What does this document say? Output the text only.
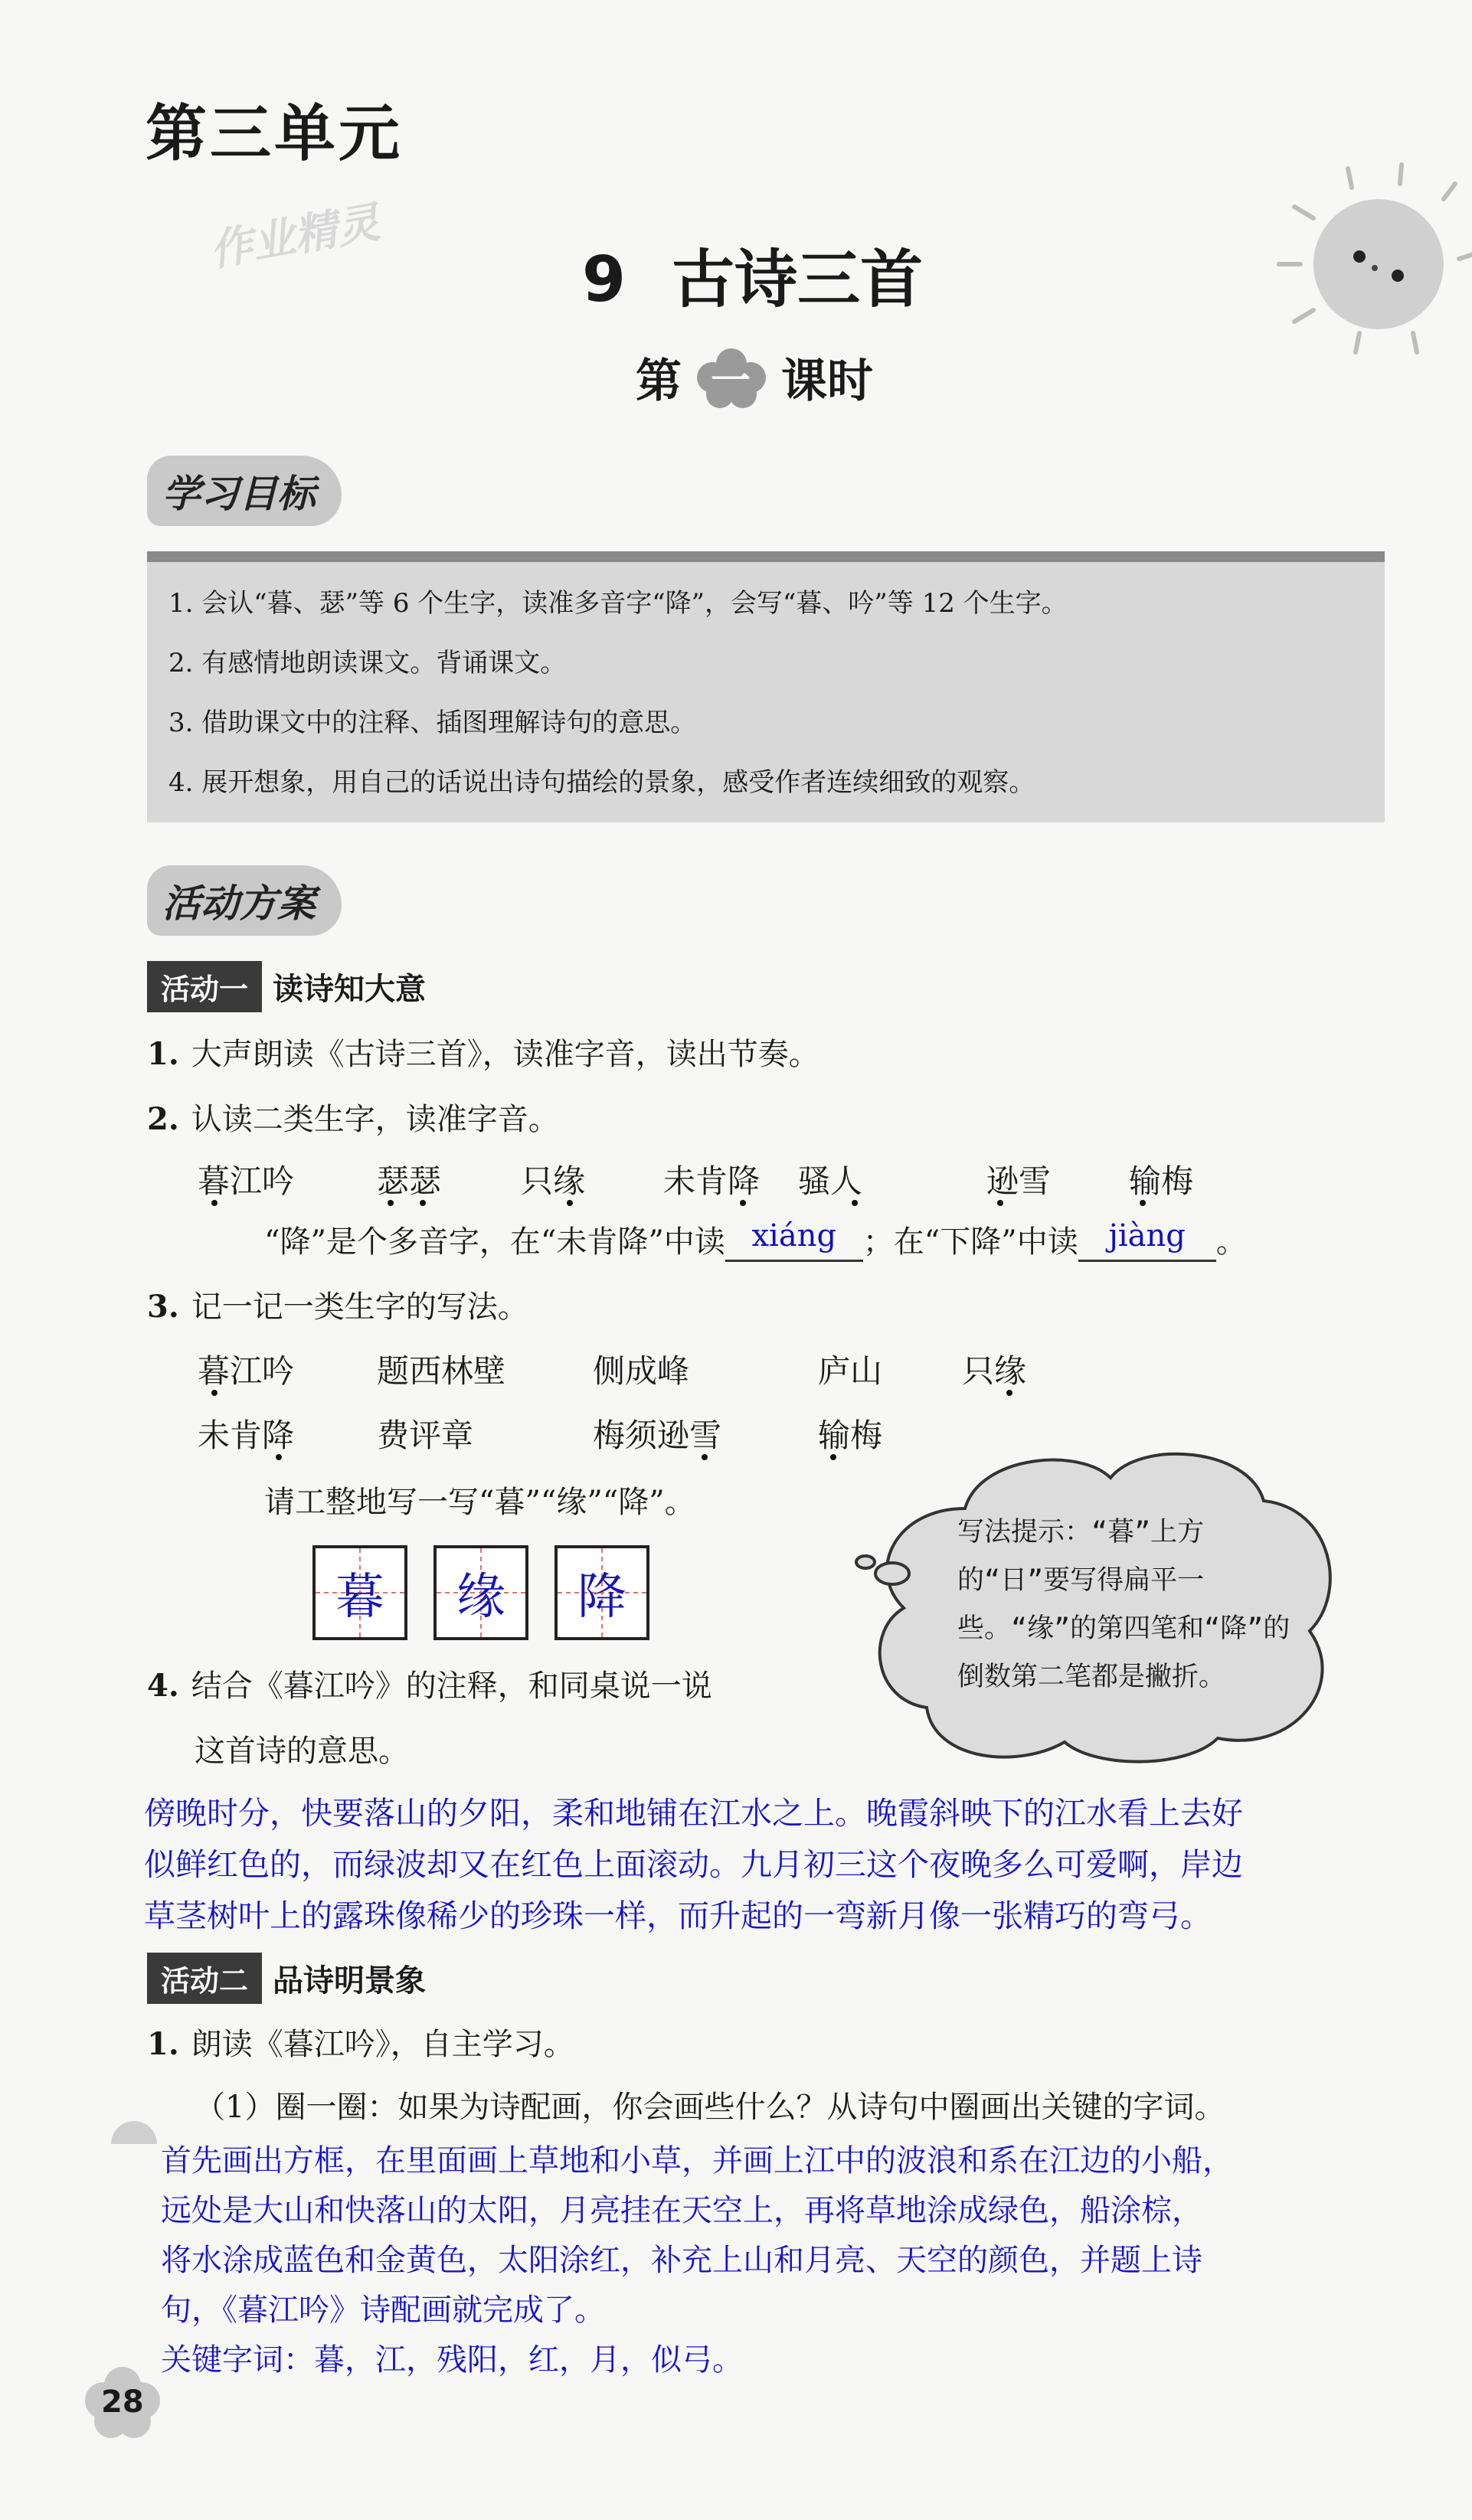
第三单元
作业精灵
9 古诗三首
第 一 课时
学习目标
1. 会认“暮、瑟”等 6 个生字，读准多音字“降”，会写“暮、吟”等 12 个生字。
2. 有感情地朗读课文。背诵课文。
3. 借助课文中的注释、插图理解诗句的意思。
4. 展开想象，用自己的话说出诗句描绘的景象，感受作者连续细致的观察。
活动方案
活动一 读诗知大意
1. 大声朗读《古诗三首》，读准字音，读出节奏。
2. 认读二类生字，读准字音。
暮江吟	瑟瑟 只缘 未肯降 骚人	逊雪 输梅
“降”是个多音字，在“未肯降”中读 xiáng ；在“下降”中读 jiàng 。
3. 记一记一类生字的写法。
暮江吟	题西林壁	侧成峰	庐山 只缘
未肯降	费评章	梅须逊雪	输梅
请工整地写一写“暮”“缘”“降”。
暮	缘	降
写法提示：“暮”上方的“日”要写得扁平一些。“缘”的第四笔和“降”的倒数第二笔都是撇折。
4. 结合《暮江吟》的注释，和同桌说一说
这首诗的意思。
傍晚时分，快要落山的夕阳，柔和地铺在江水之上。晚霞斜映下的江水看上去好
似鲜红色的，而绿波却又在红色上面滚动。九月初三这个夜晚多么可爱啊，岸边
草茎树叶上的露珠像稀少的珍珠一样，而升起的一弯新月像一张精巧的弯弓。
活动二 品诗明景象
1. 朗读《暮江吟》，自主学习。
（1）圈一圈：如果为诗配画，你会画些什么？从诗句中圈画出关键的字词。
首先画出方框，在里面画上草地和小草，并画上江中的波浪和系在江边的小船，
远处是大山和快落山的太阳，月亮挂在天空上，再将草地涂成绿色，船涂棕，
将水涂成蓝色和金黄色，太阳涂红，补充上山和月亮、天空的颜色，并题上诗
句，《暮江吟》诗配画就完成了。
关键字词：暮，江，残阳，红，月，似弓。
28
